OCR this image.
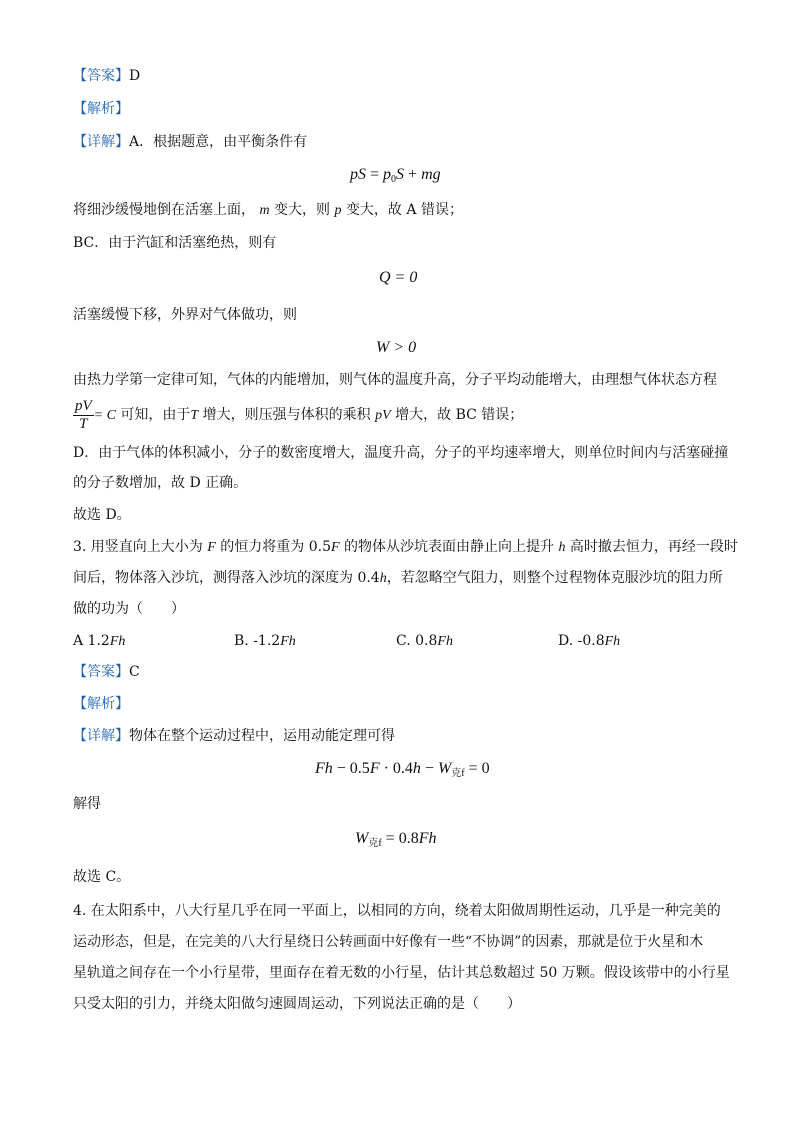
【答案】D
【解析】
【详解】A．根据题意，由平衡条件有
pS = $p_0S$ + mg
将细沙缓慢地倒在活塞上面， m 变大，则 p 变大，故 A 错误；
BC．由于汽缸和活塞绝热，则有
Q = 0
活塞缓慢下移，外界对气体做功，则
W > 0
由热力学第一定律可知，气体的内能增加，则气体的温度升高，分子平均动能增大，由理想气体状态方程
$\frac{pV}{T} = C$ 可知，由于T 增大，则压强与体积的乘积 pV 增大，故 BC 错误；
D．由于气体的体积减小，分子的数密度增大，温度升高，分子的平均速率增大，则单位时间内与活塞碰撞
的分子数增加，故 D 正确。
故选 D。
3. 用竖直向上大小为 F 的恒力将重为 0.5F 的物体从沙坑表面由静止向上提升 h 高时撤去恒力，再经一段时
间后，物体落入沙坑，测得落入沙坑的深度为 0.4h，若忽略空气阻力，则整个过程物体克服沙坑的阻力所
做的功为（　　）
A 1.2Fh	B. -1.2Fh	C. 0.8Fh	D. -0.8Fh
【答案】C
【解析】
【详解】物体在整个运动过程中，运用动能定理可得
$Fh - 0.5F \cdot 0.4h - W_{克f} = 0$
解得
$W_{克f} = 0.8Fh$
故选 C。
4. 在太阳系中，八大行星几乎在同一平面上，以相同的方向，绕着太阳做周期性运动，几乎是一种完美的
运动形态，但是，在完美的八大行星绕日公转画面中好像有一些“不协调”的因素，那就是位于火星和木
星轨道之间存在一个小行星带，里面存在着无数的小行星，估计其总数超过 50 万颗。假设该带中的小行星
只受太阳的引力，并绕太阳做匀速圆周运动，下列说法正确的是（　　）
